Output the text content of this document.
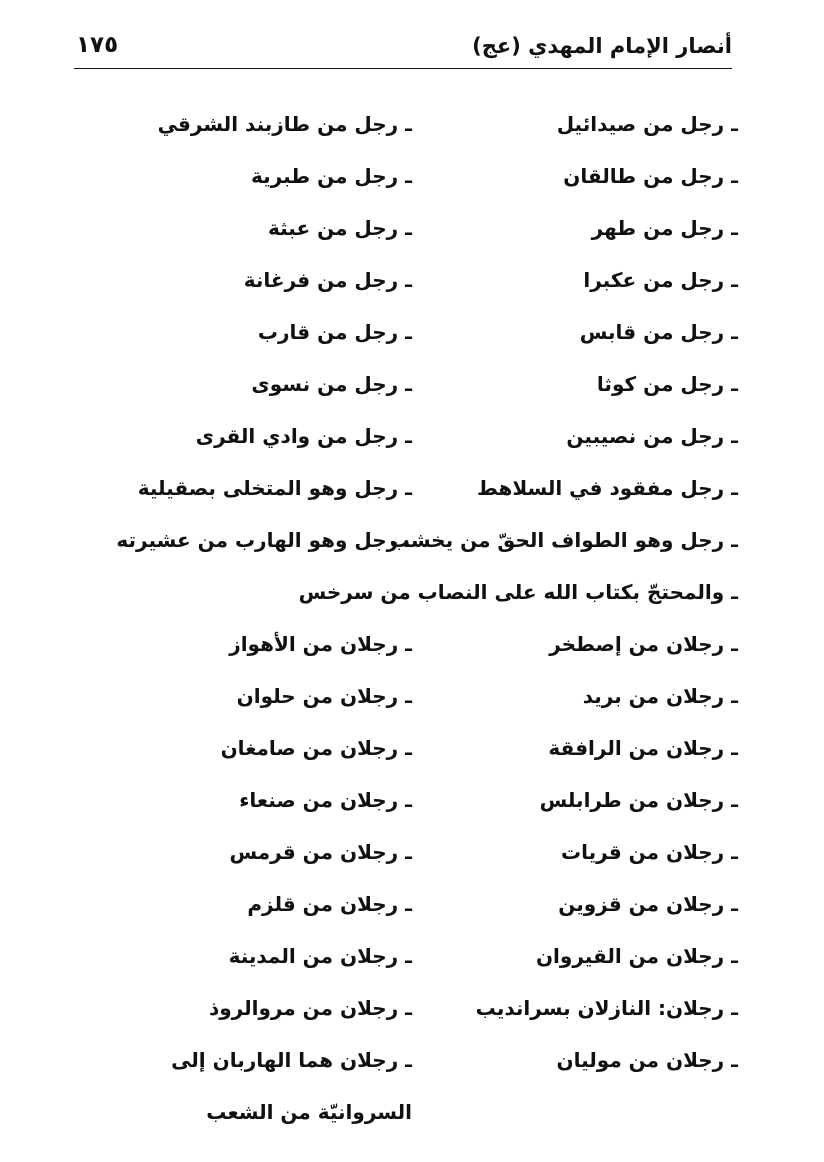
أنصار الإمام المهدي (عج)
١٧٥
ـ رجل من صيدائيل
ـ رجل من طازبند الشرقي
ـ رجل من طالقان
ـ رجل من طبرية
ـ رجل من طهر
ـ رجل من عبثة
ـ رجل من عكبرا
ـ رجل من فرغانة
ـ رجل من قابس
ـ رجل من قارب
ـ رجل من كوثا
ـ رجل من نسوى
ـ رجل من نصيبين
ـ رجل من وادي القرى
ـ رجل مفقود في السلاهط
ـ رجل وهو المتخلى بصقيلية
ـ رجل وهو الطواف الحقّ من يخشب
ـ رجل وهو الهارب من عشيرته
ـ والمحتجّ بكتاب الله على النصاب من سرخس
ـ رجلان من إصطخر
ـ رجلان من الأهواز
ـ رجلان من بريد
ـ رجلان من حلوان
ـ رجلان من الرافقة
ـ رجلان من صامغان
ـ رجلان من طرابلس
ـ رجلان من صنعاء
ـ رجلان من قريات
ـ رجلان من قرمس
ـ رجلان من قزوين
ـ رجلان من قلزم
ـ رجلان من القيروان
ـ رجلان من المدينة
ـ رجلان: النازلان بسرانديب
ـ رجلان من مروالروذ
ـ رجلان من موليان
ـ رجلان هما الهاربان إلى السروانيّة من الشعب
